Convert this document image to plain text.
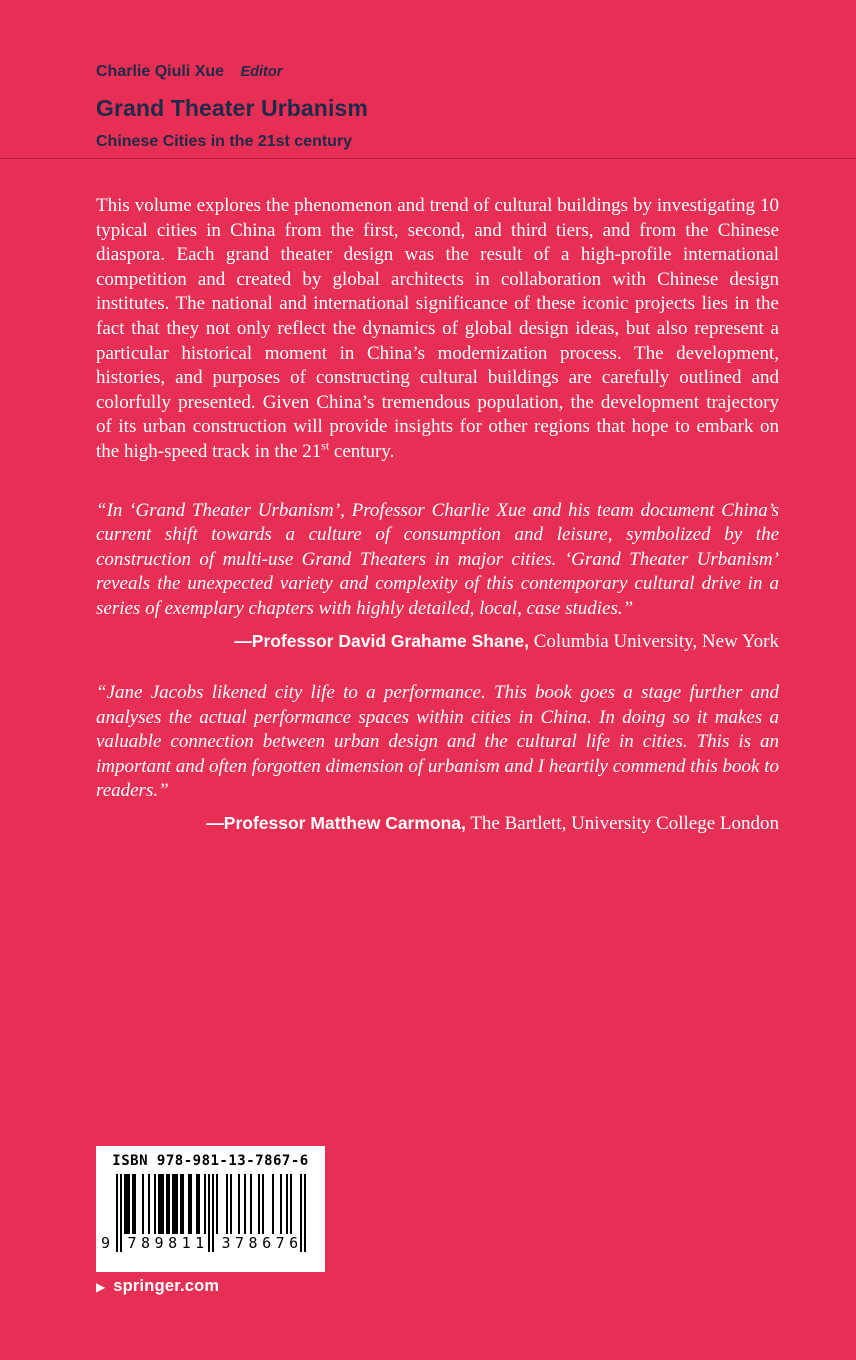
Charlie Qiuli Xue Editor
Grand Theater Urbanism
Chinese Cities in the 21st century

This volume explores the phenomenon and trend of cultural buildings by investigating 10 typical cities in China from the first, second, and third tiers, and from the Chinese diaspora. Each grand theater design was the result of a high-profile international competition and created by global architects in collaboration with Chinese design institutes. The national and international significance of these iconic projects lies in the fact that they not only reflect the dynamics of global design ideas, but also represent a particular historical moment in China’s modernization process. The development, histories, and purposes of constructing cultural buildings are carefully outlined and colorfully presented. Given China’s tremendous population, the development trajectory of its urban construction will provide insights for other regions that hope to embark on the high-speed track in the 21st century.

“In ‘Grand Theater Urbanism’, Professor Charlie Xue and his team document China’s current shift towards a culture of consumption and leisure, symbolized by the construction of multi-use Grand Theaters in major cities. ‘Grand Theater Urbanism’ reveals the unexpected variety and complexity of this contemporary cultural drive in a series of exemplary chapters with highly detailed, local, case studies.”

—Professor David Grahame Shane, Columbia University, New York

“Jane Jacobs likened city life to a performance. This book goes a stage further and analyses the actual performance spaces within cities in China. In doing so it makes a valuable connection between urban design and the cultural life in cities. This is an important and often forgotten dimension of urbanism and I heartily commend this book to readers.”

—Professor Matthew Carmona, The Bartlett, University College London
ISBN 978-981-13-7867-6
9	789811 378676
▶ springer.com
